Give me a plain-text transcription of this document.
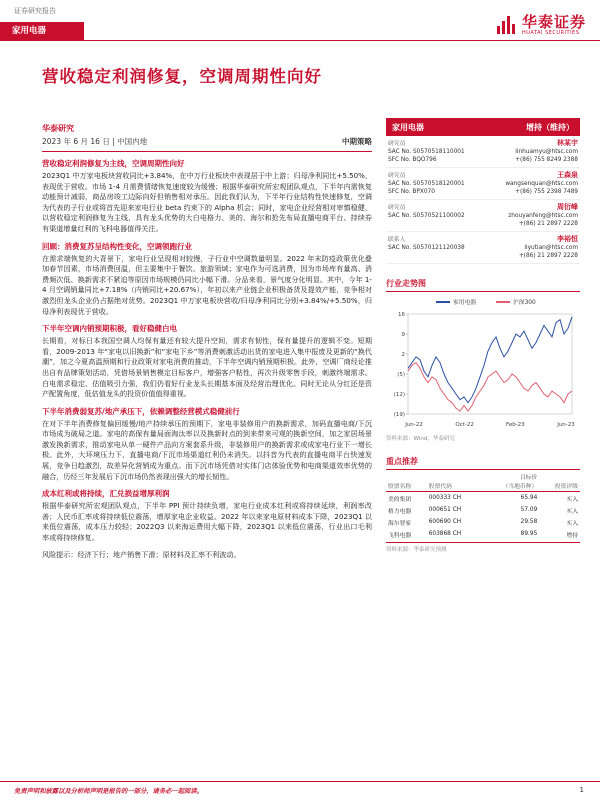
证券研究报告
家用电器	华泰证券
HUATAI SECURITIES
营收稳定利润修复，空调周期性向好
华泰研究
2023 年 6 月 16 日 | 中国内地	中期策略
营收稳定利润修复为主线，空调周期性向好
2023Q1 中万家电板块营收同比+3.84%，在中万行业板块中表现居于中上游；归母净利同比+5.50%，表现优于营收。市场 1-4 月需费情绪恢复速度较为缓慢；根据华泰研究所宏观团队观点，下半年内需恢复动能预计减弱，商品房竣工边际向好但销售相对承压。因此我们认为，下半年行业结构性快速修复，空调为代表的子行业或将首先迎来家电行业 beta 约束下的 Alpha 机会；同时，家电企业经营相对审慎稳健，以营收稳定利润修复为主线，具有龙头优势的大白电格力、美的、海尔和抢先布局直播电商平台、持续券有渠道增量红利的飞科电器值得关注。
回顾：消费复苏呈结构性变化，空调领跑行业
在需求端恢复的大背景下，家电行业呈现相对较慢，子行业中空调数量明显。2022 年末防疫政策优化叠加春节因素，市场消费回温，但主要集中于餐饮、旅游领域；家电作为可选消费，因为市场库有量高、消费频次低、换新需求不紧迫等原因市场规模仍同比小幅下滑。分品来看，景气度分化明显。其中，今年 1-4 月空调销量同比+7.18%（内销同比+20.67%），年初以来产业链企业积极备货及提效产能，竞争相对激烈但龙头企业仍占据绝对优势。2023Q1 中万家电板块营收/归母净利同比分别+3.84%/+5.50%，归母净利表现优于营收。
下半年空调内销预期积极，看好稳健白电
长期看，对标日本我国空调人均保有量还有较大提升空间，需求有韧性，保有量提升的逻辑不变。短期看，2009-2013 年“家电以旧换新”和“家电下乡”等消费刺激活动出货的家电进入集中报废及更新的“换代潮”，加之今夏高温预期和行业政策对家电消费的推动，下半年空调内销预期积极。此外，空调厂商经论推出自有品牌策划活动，凭借场景销售模定目标客户，增强客户粘性，再次升级零售手段，刺激终端需求。白电需求稳定、估值吸引力强，我们仍看好行业龙头长期基本面及经营治理优化。同时无论从分红还是资产配置角度，低估值龙头的投资价值值得重视。
下半年消费弱复苏/地产承压下，依赖调整经营模式稳健前行
在对下半年消费修复偏回缓慢/地产持续承压的预期下，家电非装修用户的换新需求，加码直播电商/下沉市场成为破局之道。家电的高保有量局面淘汰率以及换新时点的到来带来可观的换新空间，加之家居场景激发换新需求，推动家电从单一硬件产品向方案套系升级，非装修用户的换新需求或成家电行业下一增长极。此外，大环境压力下，直播电商/下沉市场渠道红利仍未消失。以抖音为代表的直播电商平台快速发展，竞争日趋激烈，故差异化营销成为重点。而下沉市场凭借对实体门店体验优势和电商渠道效率优势的融合，历经三年发展后下沉市场仍然表现出强大的增长韧性。
成本红利或将持续，汇兑损益增厚利润
根据华泰研究所宏观团队观点，下半年 PPI 预计持续负增，家电行业成本红利或将持续延续，利润率改善；人民币汇率或将持续低位震荡，增厚家电企业收益。2022 年以来家电原材料成本下降，2023Q1 以来低位震荡，成本压力较轻；2022Q3 以来海运费用大幅下降，2023Q1 以来低位震荡，行业出口毛利率或将持续修复。
风险提示：经济下行；地产销售下滑；原材料及汇率不利波动。
家用电器	增持（维持）
研究员	林某宇
SAC No. S0570518110001	linhuamyu@htsc.com
SFC No. BQO796	+(86) 755 8249 2388
研究员	王森泉
SAC No. S0570518120001	wangsenquan@htsc.com
SFC No. BPX070	+(86) 755 2398 7489
研究员	周衍峰
SAC No. S0570521100002	zhouyanfeng@htsc.com
+(86) 21 2897 2228
联系人	李裕恒
SAC No. S0570121120038	liyutian@htsc.com
+(86) 21 2897 2228
行业走势图
(19)
(12)
(5)
2
9
16
Jun-22	Oct-22	Feb-23	Jun-23
家用电器	沪深300
资料来源：Wind，华泰研究
重点推荐
股票名称	股票代码	目标价
（当地币种）	投资评级
美的集团	000333 CH	65.94	买入
格力电器	000651 CH	57.09	买入
海尔智家	600690 CH	29.58	买入
飞科电器	603868 CH	89.95	增持
资料来源：华泰研究预测
免责声明和披露以及分析师声明是报告的一部分，请务必一起阅读。	1
